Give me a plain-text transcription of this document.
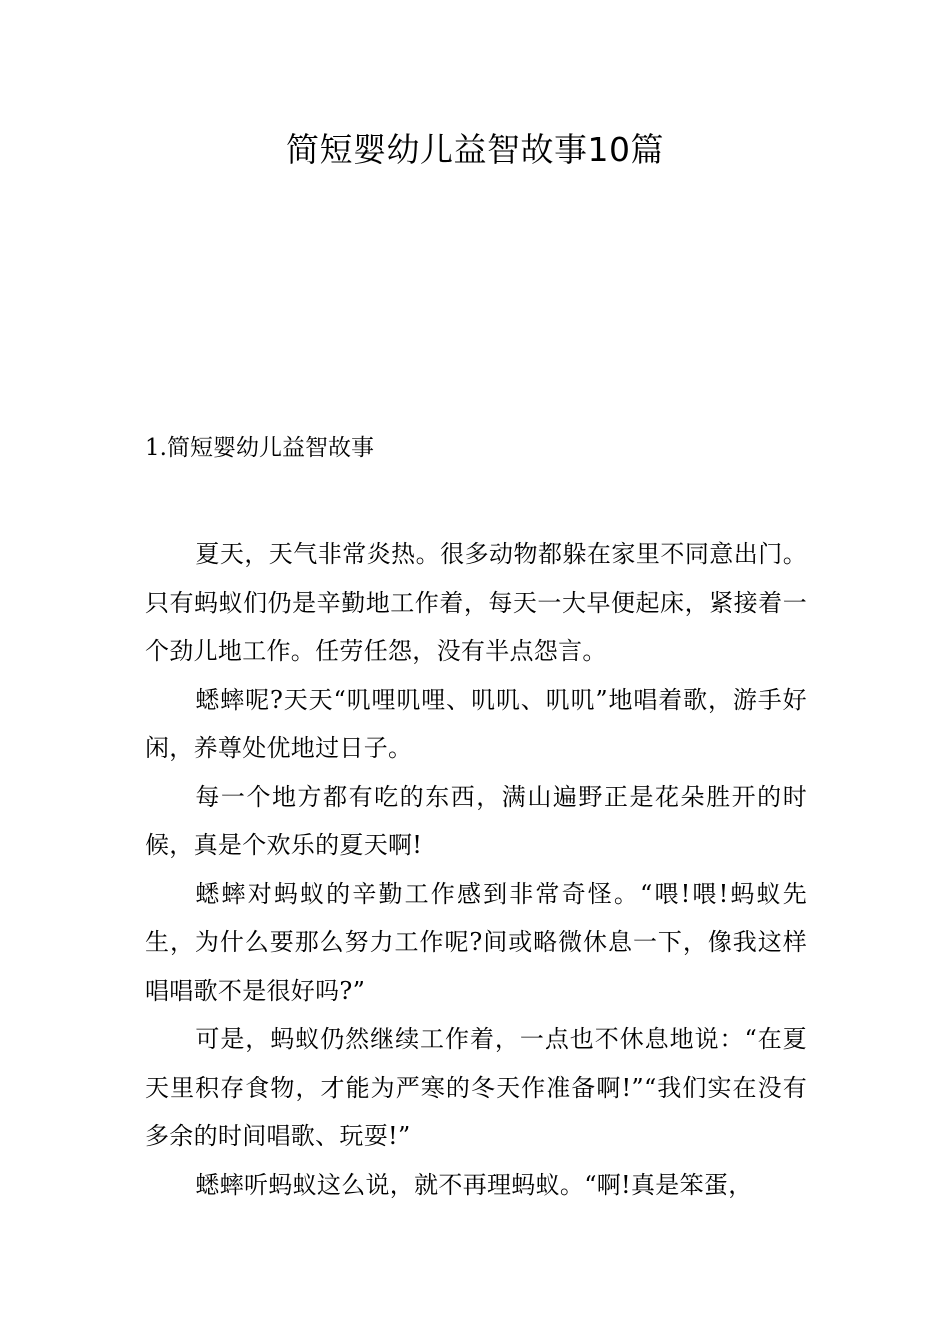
简短婴幼儿益智故事10篇
1.简短婴幼儿益智故事

夏天，天气非常炎热。很多动物都躲在家里不同意出门。只有蚂蚁们仍是辛勤地工作着，每天一大早便起床，紧接着一个劲儿地工作。任劳任怨，没有半点怨言。

蟋蟀呢?天天“叽哩叽哩、叽叽、叽叽”地唱着歌，游手好闲，养尊处优地过日子。

每一个地方都有吃的东西，满山遍野正是花朵胜开的时候，真是个欢乐的夏天啊!

蟋蟀对蚂蚁的辛勤工作感到非常奇怪。“喂!喂!蚂蚁先生，为什么要那么努力工作呢?间或略微休息一下，像我这样唱唱歌不是很好吗?”

可是，蚂蚁仍然继续工作着，一点也不休息地说：“在夏天里积存食物，才能为严寒的冬天作准备啊!”“我们实在没有多余的时间唱歌、玩耍!”

蟋蟀听蚂蚁这么说，就不再理蚂蚁。“啊!真是笨蛋，
